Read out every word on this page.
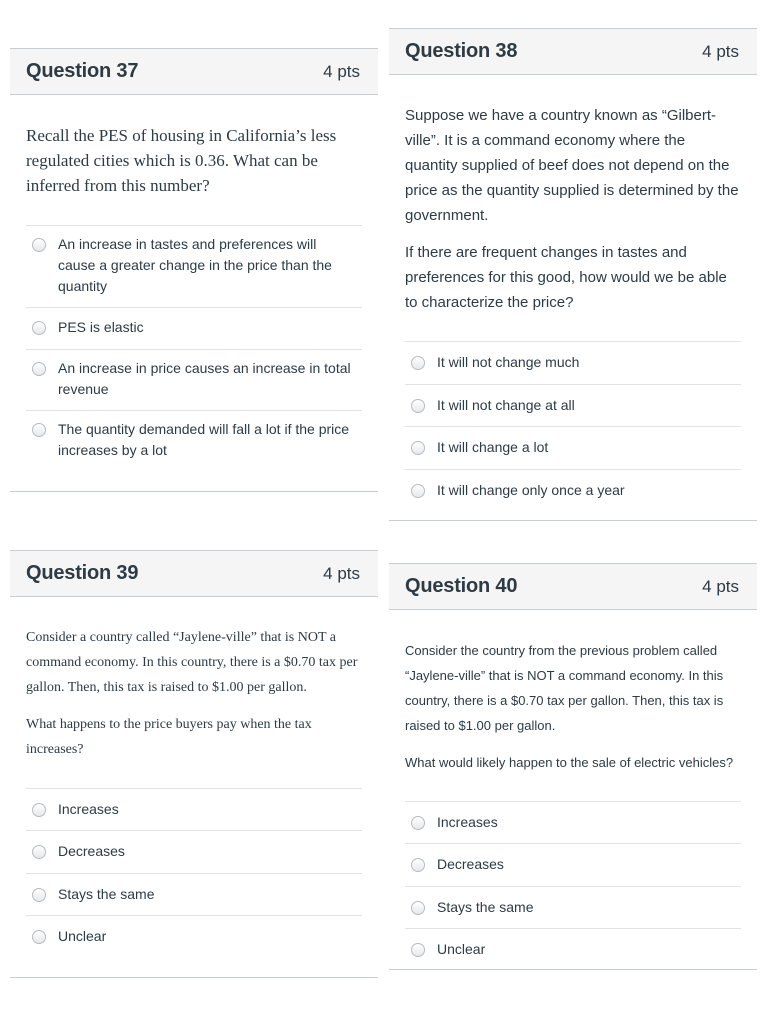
Question 37	4 pts

Recall the PES of housing in California’s less regulated cities which is 0.36. What can be inferred from this number?

An increase in tastes and preferences will cause a greater change in the price than the quantity
PES is elastic
An increase in price causes an increase in total revenue
The quantity demanded will fall a lot if the price increases by a lot
Question 38	4 pts

Suppose we have a country known as “Gilbert-ville”. It is a command economy where the quantity supplied of beef does not depend on the price as the quantity supplied is determined by the government.

If there are frequent changes in tastes and preferences for this good, how would we be able to characterize the price?

It will not change much
It will not change at all
It will change a lot
It will change only once a year
Question 39	4 pts

Consider a country called “Jaylene-ville” that is NOT a command economy. In this country, there is a $0.70 tax per gallon. Then, this tax is raised to $1.00 per gallon.

What happens to the price buyers pay when the tax increases?

Increases
Decreases
Stays the same
Unclear
Question 40	4 pts

Consider the country from the previous problem called “Jaylene-ville” that is NOT a command economy. In this country, there is a $0.70 tax per gallon. Then, this tax is raised to $1.00 per gallon.

What would likely happen to the sale of electric vehicles?

Increases
Decreases
Stays the same
Unclear
